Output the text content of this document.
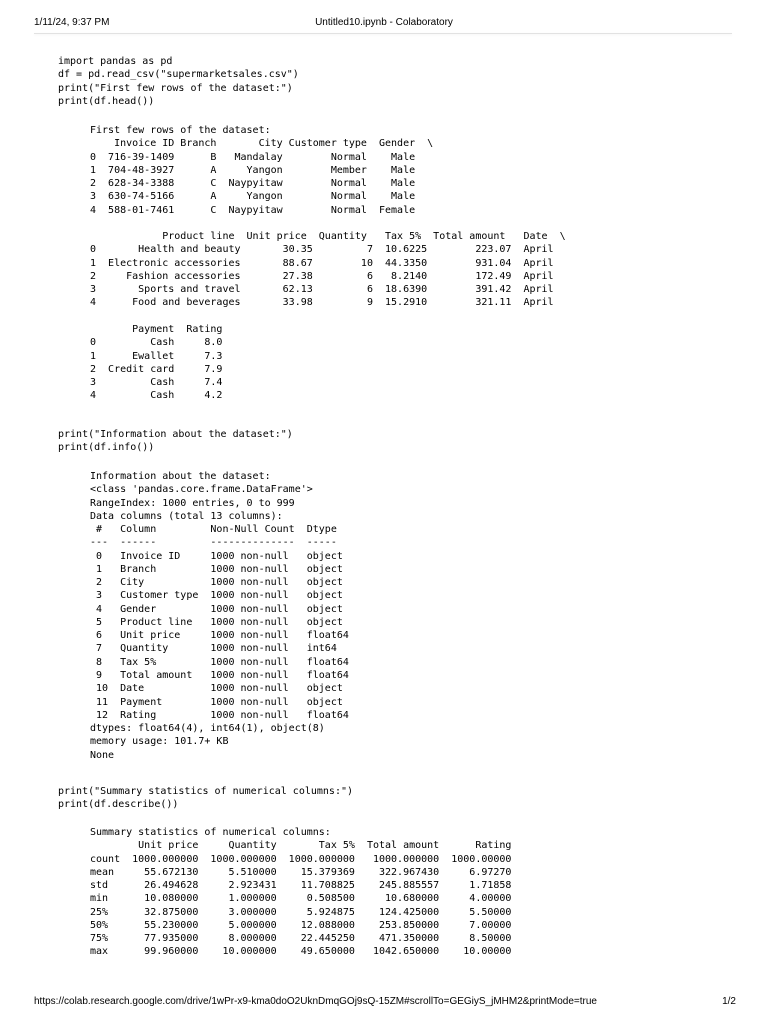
1/11/24, 9:37 PM	Untitled10.ipynb - Colaboratory
import pandas as pd
df = pd.read_csv("supermarketsales.csv")
print("First few rows of the dataset:")
print(df.head())
First few rows of the dataset:
Invoice ID Branch       City Customer type  Gender  \
0  716-39-1409      B   Mandalay        Normal    Male
1  704-48-3927      A     Yangon        Member    Male
2  628-34-3388      C  Naypyitaw        Normal    Male
3  630-74-5166      A     Yangon        Normal    Male
4  588-01-7461      C  Naypyitaw        Normal  Female

Product line  Unit price  Quantity   Tax 5%  Total amount   Date  \
0       Health and beauty       30.35         7  10.6225        223.07  April
1  Electronic accessories       88.67        10  44.3350        931.04  April
2     Fashion accessories       27.38         6   8.2140        172.49  April
3       Sports and travel       62.13         6  18.6390        391.42  April
4      Food and beverages       33.98         9  15.2910        321.11  April

Payment  Rating
0         Cash     8.0
1      Ewallet     7.3
2  Credit card     7.9
3         Cash     7.4
4         Cash     4.2
print("Information about the dataset:")
print(df.info())
Information about the dataset:
<class 'pandas.core.frame.DataFrame'>
RangeIndex: 1000 entries, 0 to 999
Data columns (total 13 columns):
#   Column         Non-Null Count  Dtype
---  ------         --------------  -----
0   Invoice ID     1000 non-null   object
1   Branch         1000 non-null   object
2   City           1000 non-null   object
3   Customer type  1000 non-null   object
4   Gender         1000 non-null   object
5   Product line   1000 non-null   object
6   Unit price     1000 non-null   float64
7   Quantity       1000 non-null   int64
8   Tax 5%         1000 non-null   float64
9   Total amount   1000 non-null   float64
10  Date           1000 non-null   object
11  Payment        1000 non-null   object
12  Rating         1000 non-null   float64
dtypes: float64(4), int64(1), object(8)
memory usage: 101.7+ KB
None
print("Summary statistics of numerical columns:")
print(df.describe())
Summary statistics of numerical columns:
Unit price     Quantity       Tax 5%  Total amount      Rating
count  1000.000000  1000.000000  1000.000000   1000.000000  1000.00000
mean     55.672130     5.510000    15.379369    322.967430     6.97270
std      26.494628     2.923431    11.708825    245.885557     1.71858
min      10.080000     1.000000     0.508500     10.680000     4.00000
25%      32.875000     3.000000     5.924875    124.425000     5.50000
50%      55.230000     5.000000    12.088000    253.850000     7.00000
75%      77.935000     8.000000    22.445250    471.350000     8.50000
max      99.960000    10.000000    49.650000   1042.650000    10.00000
https://colab.research.google.com/drive/1wPr-x9-kma0doO2UknDmqGOj9sQ-15ZM#scrollTo=GEGiyS_jMHM2&printMode=true	1/2
